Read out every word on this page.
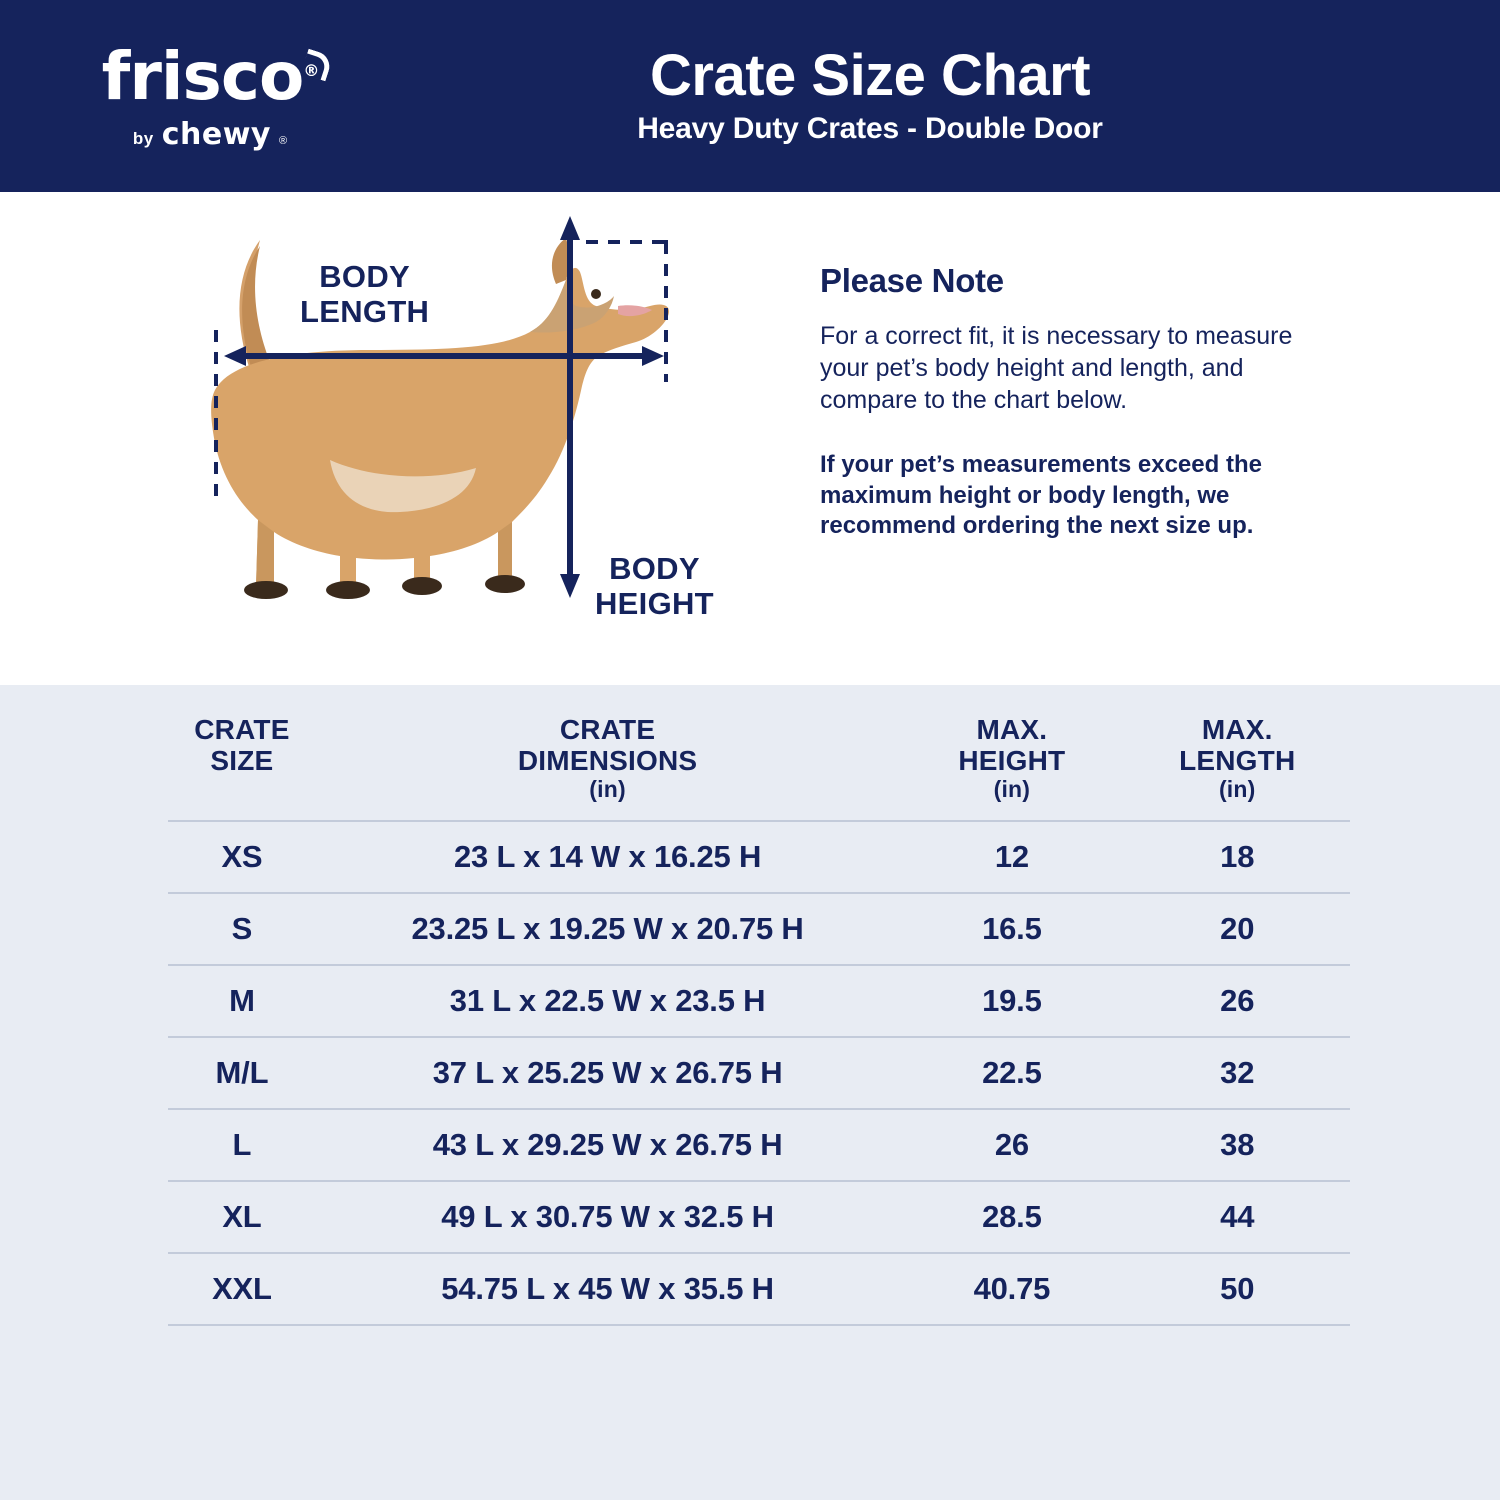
frisco®
by chewy ®
Crate Size Chart
Heavy Duty Crates - Double Door
BODY
LENGTH
BODY
HEIGHT
Please Note
For a correct fit, it is necessary to measure your pet’s body height and length, and compare to the chart below.
If your pet’s measurements exceed the maximum height or body length, we recommend ordering the next size up.
CRATE
SIZE	CRATE
DIMENSIONS
(in)	MAX.
HEIGHT
(in)	MAX.
LENGTH
(in)

XS	23 L x 14 W x 16.25 H	12	18
S	23.25 L x 19.25 W x 20.75 H	16.5	20
M	31 L x 22.5 W x 23.5 H	19.5	26
M/L	37 L x 25.25 W x 26.75 H	22.5	32
L	43 L x 29.25 W x 26.75 H	26	38
XL	49 L x 30.75 W x 32.5 H	28.5	44
XXL	54.75 L x 45 W x 35.5 H	40.75	50
